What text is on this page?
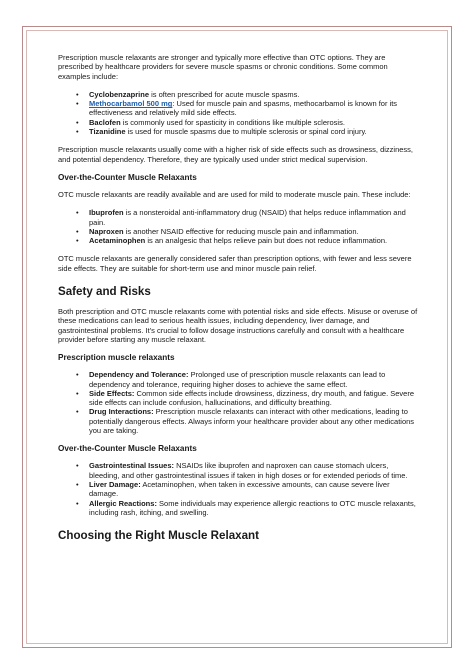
Prescription muscle relaxants are stronger and typically more effective than OTC options. They are prescribed by healthcare providers for severe muscle spasms or chronic conditions. Some common examples include:

• Cyclobenzaprine is often prescribed for acute muscle spasms.
• Methocarbamol 500 mg: Used for muscle pain and spasms, methocarbamol is known for its effectiveness and relatively mild side effects.
• Baclofen is commonly used for spasticity in conditions like multiple sclerosis.
• Tizanidine is used for muscle spasms due to multiple sclerosis or spinal cord injury.

Prescription muscle relaxants usually come with a higher risk of side effects such as drowsiness, dizziness, and potential dependency. Therefore, they are typically used under strict medical supervision.

Over-the-Counter Muscle Relaxants

OTC muscle relaxants are readily available and are used for mild to moderate muscle pain. These include:

• Ibuprofen is a nonsteroidal anti-inflammatory drug (NSAID) that helps reduce inflammation and pain.
• Naproxen is another NSAID effective for reducing muscle pain and inflammation.
• Acetaminophen is an analgesic that helps relieve pain but does not reduce inflammation.

OTC muscle relaxants are generally considered safer than prescription options, with fewer and less severe side effects. They are suitable for short-term use and minor muscle pain relief.

Safety and Risks

Both prescription and OTC muscle relaxants come with potential risks and side effects. Misuse or overuse of these medications can lead to serious health issues, including dependency, liver damage, and gastrointestinal problems. It's crucial to follow dosage instructions carefully and consult with a healthcare provider before starting any muscle relaxant.

Prescription muscle relaxants
• Dependency and Tolerance: Prolonged use of prescription muscle relaxants can lead to dependency and tolerance, requiring higher doses to achieve the same effect.
• Side Effects: Common side effects include drowsiness, dizziness, dry mouth, and fatigue. Severe side effects can include confusion, hallucinations, and difficulty breathing.
• Drug Interactions: Prescription muscle relaxants can interact with other medications, leading to potentially dangerous effects. Always inform your healthcare provider about any other medications you are taking.
Over-the-Counter Muscle Relaxants
• Gastrointestinal Issues: NSAIDs like ibuprofen and naproxen can cause stomach ulcers, bleeding, and other gastrointestinal issues if taken in high doses or for extended periods of time.
• Liver Damage: Acetaminophen, when taken in excessive amounts, can cause severe liver damage.
• Allergic Reactions: Some individuals may experience allergic reactions to OTC muscle relaxants, including rash, itching, and swelling.
Choosing the Right Muscle Relaxant
